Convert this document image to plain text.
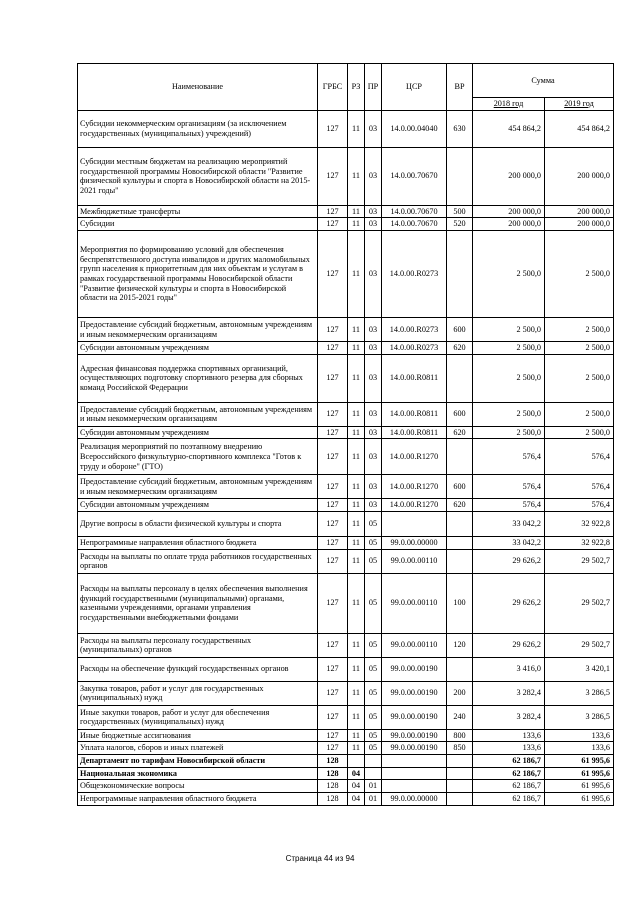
Наименование	ГРБС	РЗ	ПР	ЦСР	ВР	Сумма	
						2018 год	2019 год
Субсидии некоммерческим организациям (за исключением государственных (муниципальных) учреждений)	127	11	03	14.0.00.04040	630	454 864,2	454 864,2
Субсидии местным бюджетам на реализацию мероприятий государственной программы Новосибирской области "Развитие физической культуры и спорта в Новосибирской области на 2015-2021 годы"	127	11	03	14.0.00.70670		200 000,0	200 000,0
Межбюджетные трансферты	127	11	03	14.0.00.70670	500	200 000,0	200 000,0
Субсидии	127	11	03	14.0.00.70670	520	200 000,0	200 000,0
Мероприятия по формированию условий для обеспечения беспрепятственного доступа инвалидов и других маломобильных групп населения к приоритетным для них объектам и услугам в рамках государственной программы Новосибирской области "Развитие физической культуры и спорта в Новосибирской области на 2015-2021 годы"	127	11	03	14.0.00.R0273		2 500,0	2 500,0
Предоставление субсидий бюджетным, автономным учреждениям и иным некоммерческим организациям	127	11	03	14.0.00.R0273	600	2 500,0	2 500,0
Субсидии автономным учреждениям	127	11	03	14.0.00.R0273	620	2 500,0	2 500,0
Адресная финансовая поддержка спортивных организаций, осуществляющих подготовку спортивного резерва для сборных команд Российской Федерации	127	11	03	14.0.00.R0811		2 500,0	2 500,0
Предоставление субсидий бюджетным, автономным учреждениям и иным некоммерческим организациям	127	11	03	14.0.00.R0811	600	2 500,0	2 500,0
Субсидии автономным учреждениям	127	11	03	14.0.00.R0811	620	2 500,0	2 500,0
Реализация мероприятий по поэтапному внедрению Всероссийского физкультурно-спортивного комплекса "Готов к труду и обороне" (ГТО)	127	11	03	14.0.00.R1270		576,4	576,4
Предоставление субсидий бюджетным, автономным учреждениям и иным некоммерческим организациям	127	11	03	14.0.00.R1270	600	576,4	576,4
Субсидии автономным учреждениям	127	11	03	14.0.00.R1270	620	576,4	576,4
Другие вопросы в области физической культуры и спорта	127	11	05			33 042,2	32 922,8
Непрограммные направления областного бюджета	127	11	05	99.0.00.00000		33 042,2	32 922,8
Расходы на выплаты по оплате труда работников государственных органов	127	11	05	99.0.00.00110		29 626,2	29 502,7
Расходы на выплаты персоналу в целях обеспечения выполнения функций государственными (муниципальными) органами, казенными учреждениями, органами управления государственными внебюджетными фондами	127	11	05	99.0.00.00110	100	29 626,2	29 502,7
Расходы на выплаты персоналу государственных (муниципальных) органов	127	11	05	99.0.00.00110	120	29 626,2	29 502,7
Расходы на обеспечение функций государственных органов	127	11	05	99.0.00.00190		3 416,0	3 420,1
Закупка товаров, работ и услуг для государственных (муниципальных) нужд	127	11	05	99.0.00.00190	200	3 282,4	3 286,5
Иные закупки товаров, работ и услуг для обеспечения государственных (муниципальных) нужд	127	11	05	99.0.00.00190	240	3 282,4	3 286,5
Иные бюджетные ассигнования	127	11	05	99.0.00.00190	800	133,6	133,6
Уплата налогов, сборов и иных платежей	127	11	05	99.0.00.00190	850	133,6	133,6
Департамент по тарифам Новосибирской области	128					62 186,7	61 995,6
Национальная экономика	128	04				62 186,7	61 995,6
Общеэкономические вопросы	128	04	01			62 186,7	61 995,6
Непрограммные направления областного бюджета	128	04	01	99.0.00.00000		62 186,7	61 995,6
Страница 44 из 94
